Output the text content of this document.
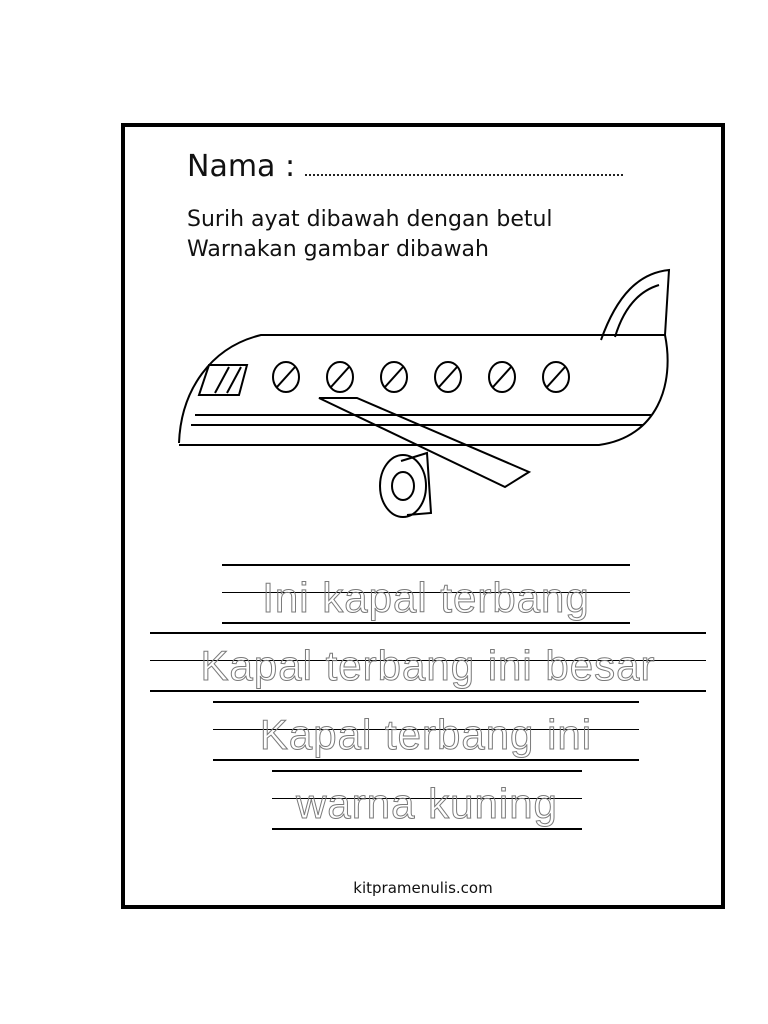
Nama :
Surih ayat dibawah dengan betul
Warnakan gambar dibawah
Ini kapal terbang
Kapal terbang ini besar
Kapal terbang ini
warna kuning
kitpramenulis.com
